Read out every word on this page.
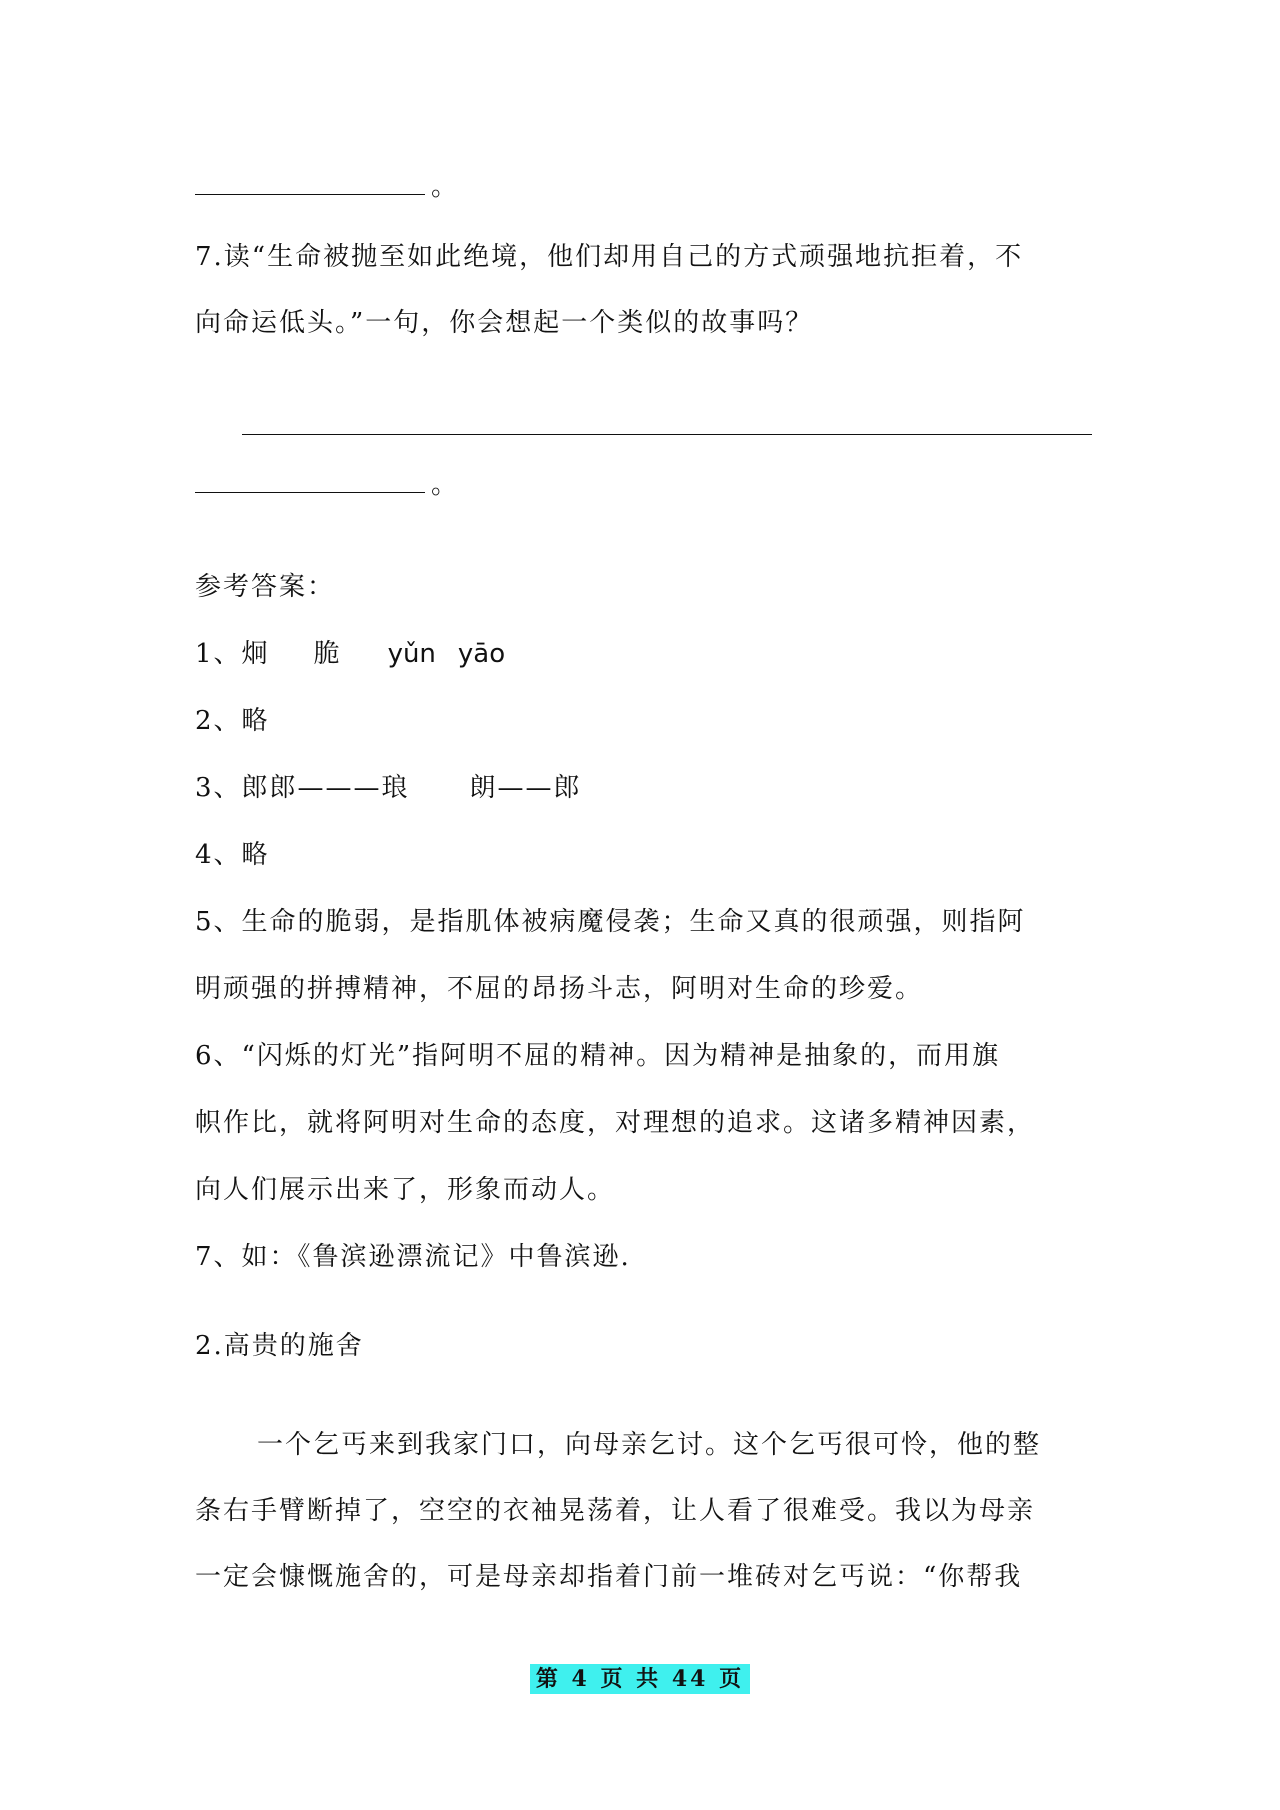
。
7.读“生命被抛至如此绝境，他们却用自己的方式顽强地抗拒着，不
向命运低头。”一句，你会想起一个类似的故事吗？
。
参考答案：
1、炯 脆 yǔn yāo
2、略
3、郎郎———琅 朗——郎
4、略
5、生命的脆弱，是指肌体被病魔侵袭；生命又真的很顽强，则指阿
明顽强的拼搏精神，不屈的昂扬斗志，阿明对生命的珍爱。
6、“闪烁的灯光”指阿明不屈的精神。因为精神是抽象的，而用旗
帜作比，就将阿明对生命的态度，对理想的追求。这诸多精神因素，
向人们展示出来了，形象而动人。
7、如：《鲁滨逊漂流记》中鲁滨逊.
2.高贵的施舍
一个乞丐来到我家门口，向母亲乞讨。这个乞丐很可怜，他的整
条右手臂断掉了，空空的衣袖晃荡着，让人看了很难受。我以为母亲
一定会慷慨施舍的，可是母亲却指着门前一堆砖对乞丐说：“你帮我
第 4 页 共 44 页
